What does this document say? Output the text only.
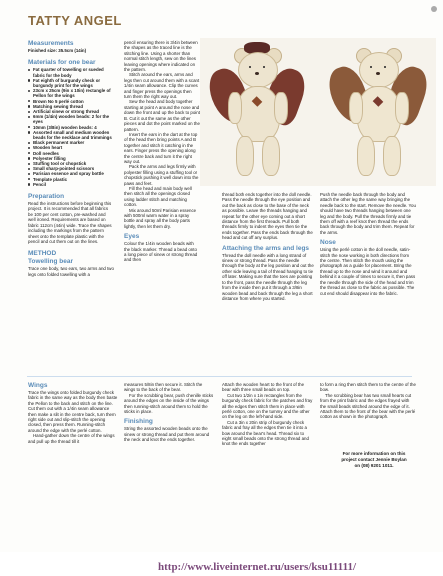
TATTY ANGEL
Measurements
Finished size: 35.5cm (14in)
Materials for one bear
Fat quarter of towelling or sueded fabric for the body
Fat eighth of burgundy check or burgundy print for the wings
23cm x 25cm (9in x 10in) rectangle of Pellon for the wings
Brown No 5 perlé cotton
Matching sewing thread
Artificial sinew or strong thread
6mm (1/4in) wooden beads: 2 for the eyes
10mm (3/8in) wooden beads: 4
Assorted small and medium wooden beads for the necklace and trimmings
Black permanent marker
Wooden heart
Doll needles
Polyester filling
Stuffing tool or chopstick
Small sharp-pointed scissors
Parisian essence and spray bottle
Template plastic
Pencil
Preparation
Read the instructions before beginning this project. It is recommended that all fabrics be 100 per cent cotton, pre-washed and well ironed. Requirements are based on fabric 112cm (44in) wide. Trace the shapes including the markings from the pattern sheet onto the template plastic with the pencil and cut them out on the lines.
METHOD
Towelling bear
Trace one body, two ears, two arms and two legs onto folded towelling with a
pencil ensuring there is 3/4in between the shapes as the traced line is the stitching line. Using a shorter than normal stitch length, sew on the lines leaving openings where indicated on the pattern.
Stitch around the ears, arms and legs then cut around them with a scant 1/4in seam allowance. Clip the curves and finger press the openings then turn them the right way out.
Sew the head and body together starting at point A around the nose and down the front and up the back to point B. Cut it out the same as the other pieces and dot the point marked on the pattern.
Insert the ears in the dart at the top of the head then bring points A and B together and stitch it catching in the ears. Finger press the opening along the centre back and turn it the right way out.
Pack the arms and legs firmly with polyester filling using a stuffing tool or chopstick pushing it well down into the paws and feet.
Fill the head and main body well then stitch all the openings closed using ladder stitch and matching cotton.
Mix around 50ml Parisian essence with 500ml warm water in a spray bottle and spray all the body parts lightly, then let them dry.
Eyes
Colour the 1/4in wooden beads with the black marker. Thread a bead onto a long piece of sinew or strong thread and then
thread both ends together into the doll needle. Pass the needle through the eye position and out the back as close to the base of the neck as possible. Leave the threads hanging and repeat for the other eye coming out a short distance from the first threads. Pull both threads firmly to indent the eyes then tie the ends together. Pass the ends back through the head and cut off any surplus.
Attaching the arms and legs
Thread the doll needle with a long strand of sinew or strong thread. Pass the needle through the body at the leg position and out the other side leaving a tail of thread hanging to tie off later. Making sure that the toes are pointing to the front, pass the needle through the leg from the inside then put it through a 3/8in wooden bead and back through the leg a short distance from where you started.
Push the needle back through the body and attach the other leg the same way bringing the needle back to the start. Remove the needle. You should have two threads hanging between one leg and the body. Pull the threads firmly and tie them off with a reef knot then thread the ends back through the body and trim them. Repeat for the arms.
Nose
Using the perlé cotton in the doll needle, satin-stitch the nose working in both directions from the centre. Then stitch the mouth using the photograph as a guide for placement. Bring the thread up to the nose and wind it around and behind it a couple of times to secure it, then pass the needle through the side of the head and trim the thread as close to the fabric as possible. The cut end should disappear into the fabric.
Wings
Trace the wings onto folded burgundy check fabric in the same way as the body then baste the Pellon to the back and stitch on the line. Cut them out with a 1/4in seam allowance then make a slit in the centre back, turn them right side out and slip-stitch the opening closed, then press them. Running-stitch around the edge with the perlé cotton.
Hand-gather down the centre of the wings and pull up the thread till it
measures 5/8in then secure it. Stitch the wings to the back of the bear.
For the scrubbing bear, push chenille sticks around the edges on the inside of the wings then running-stitch around them to hold the sticks in place.
Finishing
String the assorted wooden beads onto the sinew or strong thread and put them around the neck and knot the ends together.
Attach the wooden heart to the front of the bear with three small beads on top.
Cut two 1/2in x 1in rectangles from the burgundy check fabric for the patches and fray all the edges then stitch them in place with perlé cotton, one on the tummy and the other on the leg on the left-hand side.
Cut a 3in x 20in strip of burgundy check fabric and fray all the edges then tie it into a bow around the bear's head. Thread six to eight small beads onto the strong thread and knot the ends together
to form a ring then stitch them to the centre of the bow.
The scrubbing bear has two small hearts cut from the print fabric and the edges frayed with the small beads stitched around the edge of it. Attach them to the front of the bear with the perlé cotton as shown in the photograph.
For more information on this
project contact Jennie Boylan
on (08) 9201 1011.
http://www.liveinternet.ru/users/ksu11111/
